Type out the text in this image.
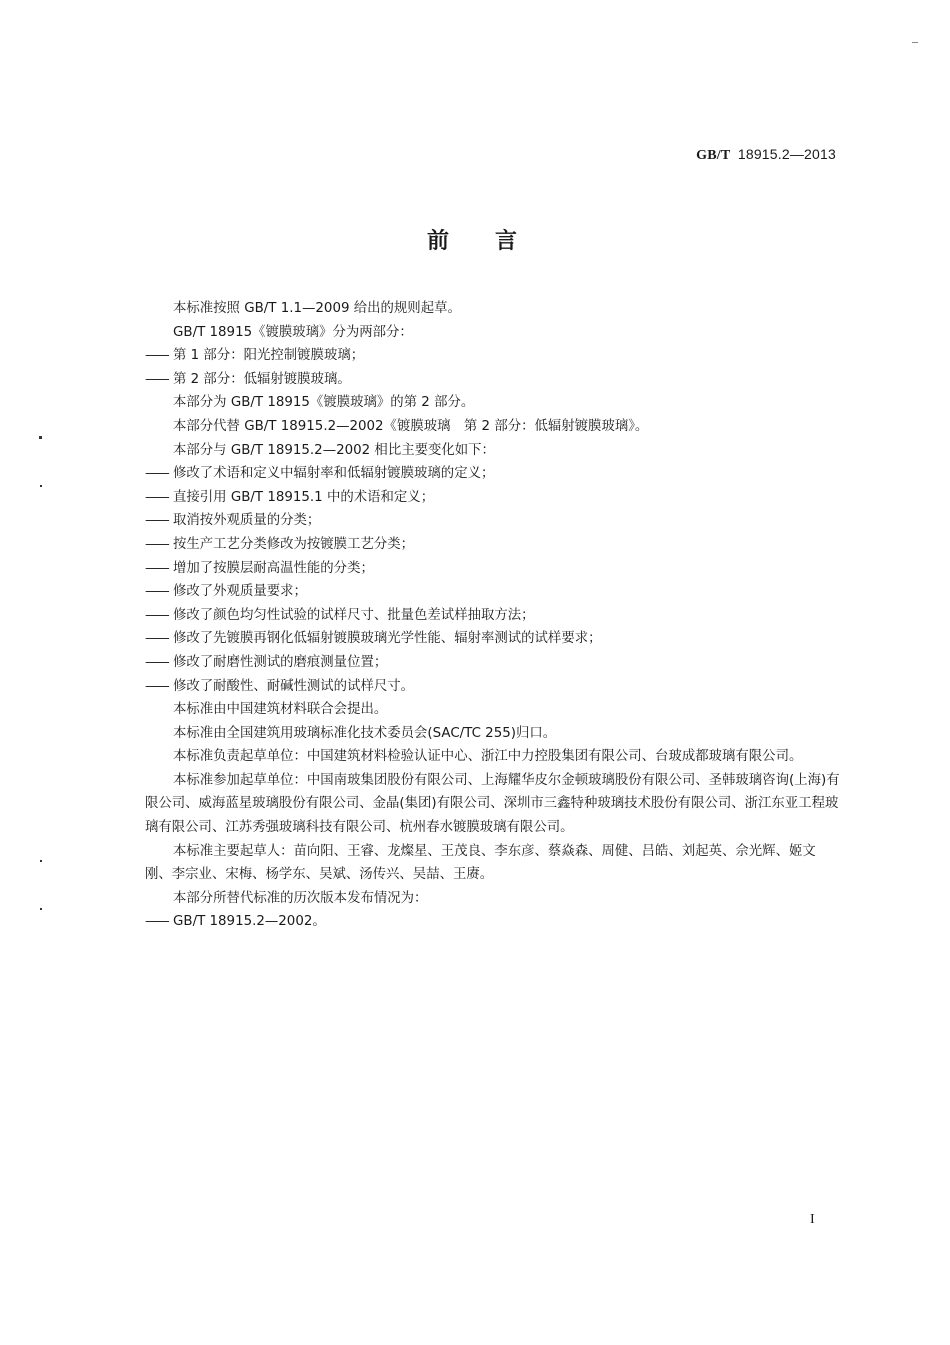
GB/T 18915.2—2013
前言
本标准按照 GB/T 1.1—2009 给出的规则起草。
GB/T 18915《镀膜玻璃》分为两部分：
—— 第 1 部分：阳光控制镀膜玻璃；
—— 第 2 部分：低辐射镀膜玻璃。
本部分为 GB/T 18915《镀膜玻璃》的第 2 部分。
本部分代替 GB/T 18915.2—2002《镀膜玻璃　第 2 部分：低辐射镀膜玻璃》。
本部分与 GB/T 18915.2—2002 相比主要变化如下：
—— 修改了术语和定义中辐射率和低辐射镀膜玻璃的定义；
—— 直接引用 GB/T 18915.1 中的术语和定义；
—— 取消按外观质量的分类；
—— 按生产工艺分类修改为按镀膜工艺分类；
—— 增加了按膜层耐高温性能的分类；
—— 修改了外观质量要求；
—— 修改了颜色均匀性试验的试样尺寸、批量色差试样抽取方法；
—— 修改了先镀膜再钢化低辐射镀膜玻璃光学性能、辐射率测试的试样要求；
—— 修改了耐磨性测试的磨痕测量位置；
—— 修改了耐酸性、耐碱性测试的试样尺寸。
本标准由中国建筑材料联合会提出。
本标准由全国建筑用玻璃标准化技术委员会(SAC/TC 255)归口。
本标准负责起草单位：中国建筑材料检验认证中心、浙江中力控股集团有限公司、台玻成都玻璃有限公司。
本标准参加起草单位：中国南玻集团股份有限公司、上海耀华皮尔金顿玻璃股份有限公司、圣韩玻璃咨询(上海)有限公司、威海蓝星玻璃股份有限公司、金晶(集团)有限公司、深圳市三鑫特种玻璃技术股份有限公司、浙江东亚工程玻璃有限公司、江苏秀强玻璃科技有限公司、杭州春水镀膜玻璃有限公司。
本标准主要起草人：苗向阳、王睿、龙燦星、王茂良、李东彦、蔡焱森、周健、吕皓、刘起英、佘光辉、姬文刚、李宗业、宋梅、杨学东、吴斌、汤传兴、吴喆、王赓。
本部分所替代标准的历次版本发布情况为：
—— GB/T 18915.2—2002。
I
